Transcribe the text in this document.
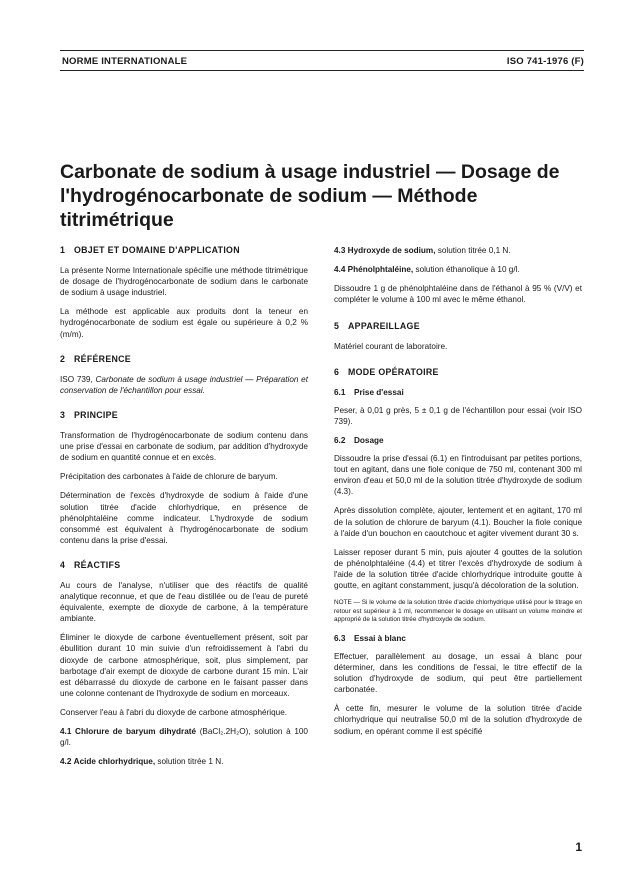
NORME INTERNATIONALE	ISO 741-1976 (F)
Carbonate de sodium à usage industriel — Dosage de
l'hydrogénocarbonate de sodium — Méthode titrimétrique
1 OBJET ET DOMAINE D'APPLICATION

La présente Norme Internationale spécifie une méthode titrimétrique de dosage de l'hydrogénocarbonate de sodium dans le carbonate de sodium à usage industriel.

La méthode est applicable aux produits dont la teneur en hydrogénocarbonate de sodium est égale ou supérieure à 0,2 % (m/m).

2 RÉFÉRENCE

ISO 739, Carbonate de sodium à usage industriel — Préparation et conservation de l'échantillon pour essai.

3 PRINCIPE

Transformation de l'hydrogénocarbonate de sodium contenu dans une prise d'essai en carbonate de sodium, par addition d'hydroxyde de sodium en quantité connue et en excès.

Précipitation des carbonates à l'aide de chlorure de baryum.

Détermination de l'excès d'hydroxyde de sodium à l'aide d'une solution titrée d'acide chlorhydrique, en présence de phénolphtaléine comme indicateur. L'hydroxyde de sodium consommé est équivalent à l'hydrogénocarbonate de sodium contenu dans la prise d'essai.

4 RÉACTIFS

Au cours de l'analyse, n'utiliser que des réactifs de qualité analytique reconnue, et que de l'eau distillée ou de l'eau de pureté équivalente, exempte de dioxyde de carbone, à la température ambiante.

Éliminer le dioxyde de carbone éventuellement présent, soit par ébullition durant 10 min suivie d'un refroidissement à l'abri du dioxyde de carbone atmosphérique, soit, plus simplement, par barbotage d'air exempt de dioxyde de carbone durant 15 min. L'air est débarrassé du dioxyde de carbone en le faisant passer dans une colonne contenant de l'hydroxyde de sodium en morceaux.

Conserver l'eau à l'abri du dioxyde de carbone atmosphérique.

4.1 Chlorure de baryum dihydraté (BaCl₂.2H₂O), solution à 100 g/l.

4.2 Acide chlorhydrique, solution titrée 1 N.

4.3 Hydroxyde de sodium, solution titrée 0,1 N.

4.4 Phénolphtaléine, solution éthanolique à 10 g/l.

Dissoudre 1 g de phénolphtaléine dans de l'éthanol à 95 % (V/V) et compléter le volume à 100 ml avec le même éthanol.

5 APPAREILLAGE

Matériel courant de laboratoire.

6 MODE OPÉRATOIRE
6.1 Prise d'essai

Peser, à 0,01 g près, 5 ± 0,1 g de l'échantillon pour essai (voir ISO 739).

6.2 Dosage

Dissoudre la prise d'essai (6.1) en l'introduisant par petites portions, tout en agitant, dans une fiole conique de 750 ml, contenant 300 ml environ d'eau et 50,0 ml de la solution titrée d'hydroxyde de sodium (4.3).

Après dissolution complète, ajouter, lentement et en agitant, 170 ml de la solution de chlorure de baryum (4.1). Boucher la fiole conique à l'aide d'un bouchon en caoutchouc et agiter vivement durant 30 s.

Laisser reposer durant 5 min, puis ajouter 4 gouttes de la solution de phénolphtaléine (4.4) et titrer l'excès d'hydroxyde de sodium à l'aide de la solution titrée d'acide chlorhydrique introduite goutte à goutte, en agitant constamment, jusqu'à décoloration de la solution.

NOTE — Si le volume de la solution titrée d'acide chlorhydrique utilisé pour le titrage en retour est supérieur à 1 ml, recommencer le dosage en utilisant un volume moindre et approprié de la solution titrée d'hydroxyde de sodium.

6.3 Essai à blanc

Effectuer, parallèlement au dosage, un essai à blanc pour déterminer, dans les conditions de l'essai, le titre effectif de la solution d'hydroxyde de sodium, qui peut être partiellement carbonatée.

À cette fin, mesurer le volume de la solution titrée d'acide chlorhydrique qui neutralise 50,0 ml de la solution d'hydroxyde de sodium, en opérant comme il est spécifié

1
